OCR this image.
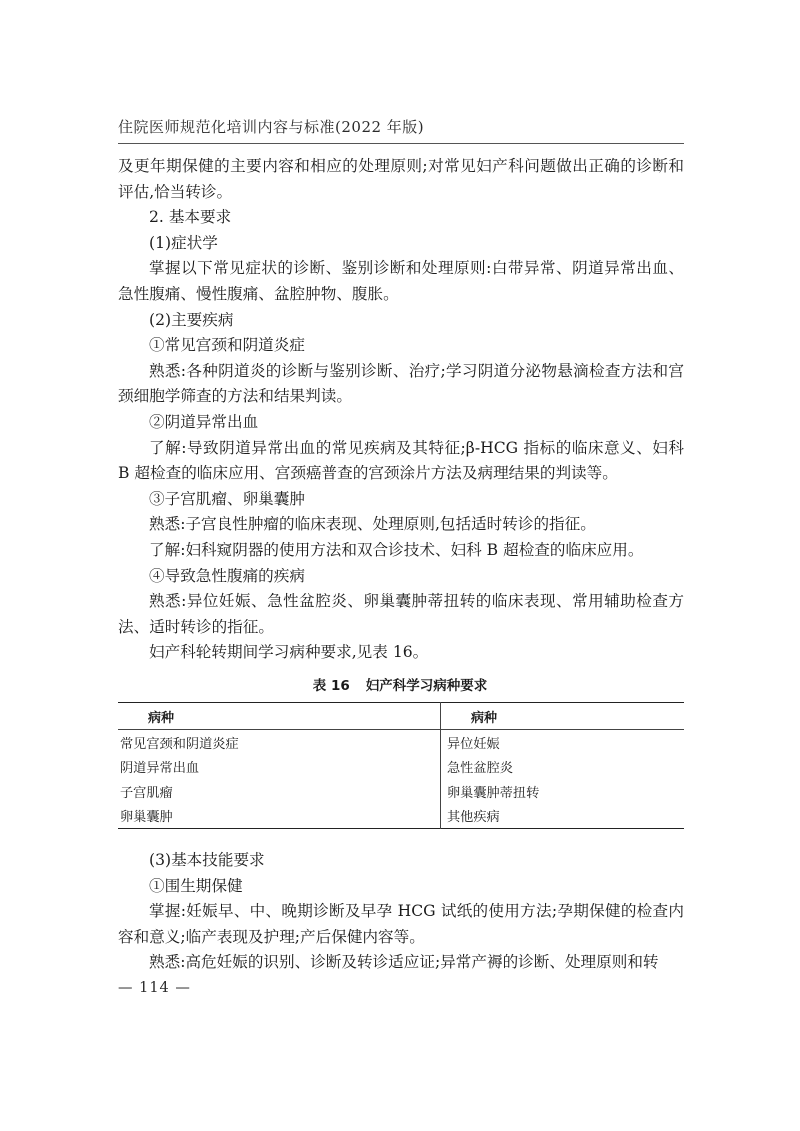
住院医师规范化培训内容与标准(2022 年版)

及更年期保健的主要内容和相应的处理原则;对常见妇产科问题做出正确的诊断和评估,恰当转诊。

2. 基本要求

(1)症状学

掌握以下常见症状的诊断、鉴别诊断和处理原则:白带异常、阴道异常出血、急性腹痛、慢性腹痛、盆腔肿物、腹胀。

(2)主要疾病

①常见宫颈和阴道炎症

熟悉:各种阴道炎的诊断与鉴别诊断、治疗;学习阴道分泌物悬滴检查方法和宫颈细胞学筛查的方法和结果判读。

②阴道异常出血

了解:导致阴道异常出血的常见疾病及其特征;β-HCG 指标的临床意义、妇科 B 超检查的临床应用、宫颈癌普查的宫颈涂片方法及病理结果的判读等。

③子宫肌瘤、卵巢囊肿

熟悉:子宫良性肿瘤的临床表现、处理原则,包括适时转诊的指征。

了解:妇科窥阴器的使用方法和双合诊技术、妇科 B 超检查的临床应用。

④导致急性腹痛的疾病

熟悉:异位妊娠、急性盆腔炎、卵巢囊肿蒂扭转的临床表现、常用辅助检查方法、适时转诊的指征。

妇产科轮转期间学习病种要求,见表 16。

表 16 妇产科学习病种要求
病种	病种
常见宫颈和阴道炎症	异位妊娠
阴道异常出血	急性盆腔炎
子宫肌瘤	卵巢囊肿蒂扭转
卵巢囊肿	其他疾病

(3)基本技能要求

①围生期保健

掌握:妊娠早、中、晚期诊断及早孕 HCG 试纸的使用方法;孕期保健的检查内容和意义;临产表现及护理;产后保健内容等。

熟悉:高危妊娠的识别、诊断及转诊适应证;异常产褥的诊断、处理原则和转

— 114 —
